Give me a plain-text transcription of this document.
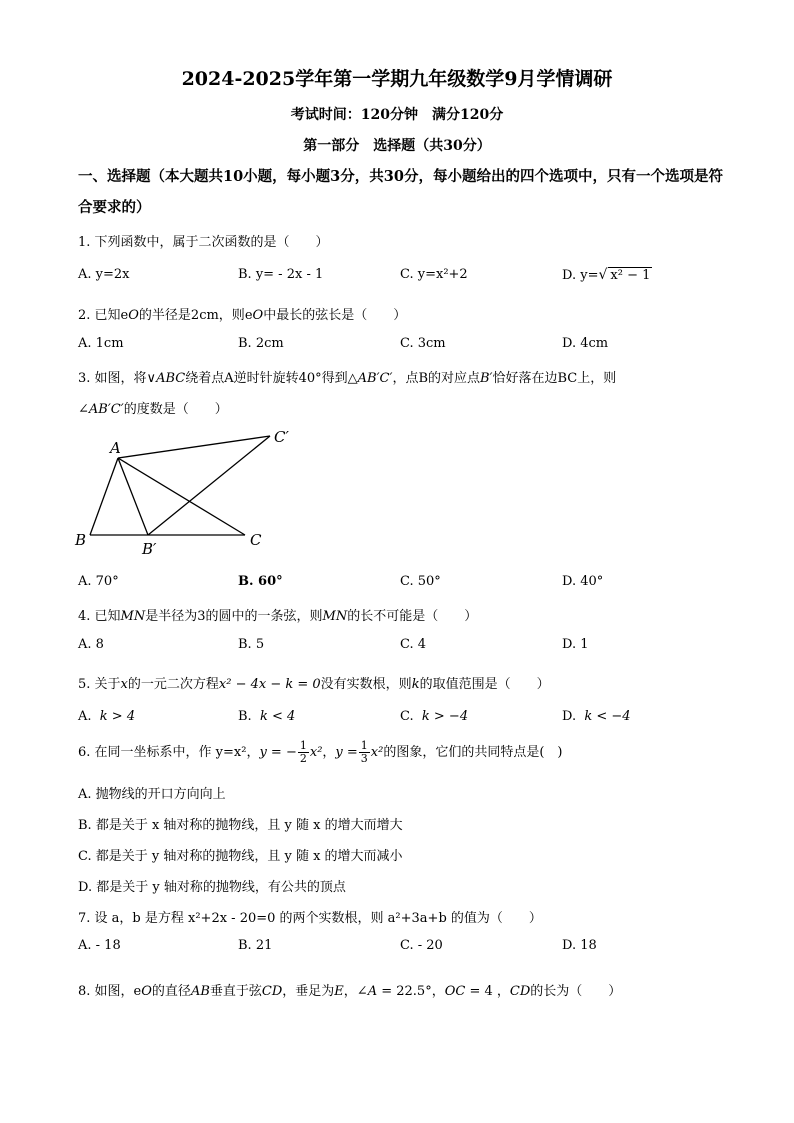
2024-2025学年第一学期九年级数学9月学情调研
考试时间：120分钟　满分120分
第一部分　选择题（共30分）
一、选择题（本大题共10小题，每小题3分，共30分，每小题给出的四个选项中，只有一个选项是符合要求的）
1. 下列函数中，属于二次函数的是（　　）
A. y=2x	B. y= - 2x - 1	C. y=x²+2	D. y=√ x² − 1
2. 已知eO的半径是2cm，则eO中最长的弦长是（　　）
A. 1cm	B. 2cm	C. 3cm	D. 4cm
3. 如图，将∨ABC绕着点A逆时针旋转40°得到△AB′C′，点B的对应点B′恰好落在边BC上，则
∠AB′C′的度数是（　　）
A
B	C
B′
C′
A. 70°	B. 60°	C. 50°	D. 40°
4. 已知MN是半径为3的圆中的一条弦，则MN的长不可能是（　　）
A. 8	B. 5	C. 4	D. 1
5. 关于x的一元二次方程x² − 4x − k = 0没有实数根，则k的取值范围是（　　）
A. k > 4	B. k < 4	C. k > −4	D. k < −4
6. 在同一坐标系中，作 y=x²，y = − $\frac{1}{2} x^2$，$y = \frac{1}{3} x^2$的图象，它们的共同特点是(　)
A. 抛物线的开口方向向上
B. 都是关于 x 轴对称的抛物线，且 y 随 x 的增大而增大
C. 都是关于 y 轴对称的抛物线，且 y 随 x 的增大而减小
D. 都是关于 y 轴对称的抛物线，有公共的顶点
7. 设 a，b 是方程 x²+2x - 20=0 的两个实数根，则 a²+3a+b 的值为（　　）
A. - 18	B. 21	C. - 20	D. 18
8. 如图，eO的直径AB垂直于弦CD，垂足为E，∠A = 22.5°，OC = 4 ，CD的长为（　　）
